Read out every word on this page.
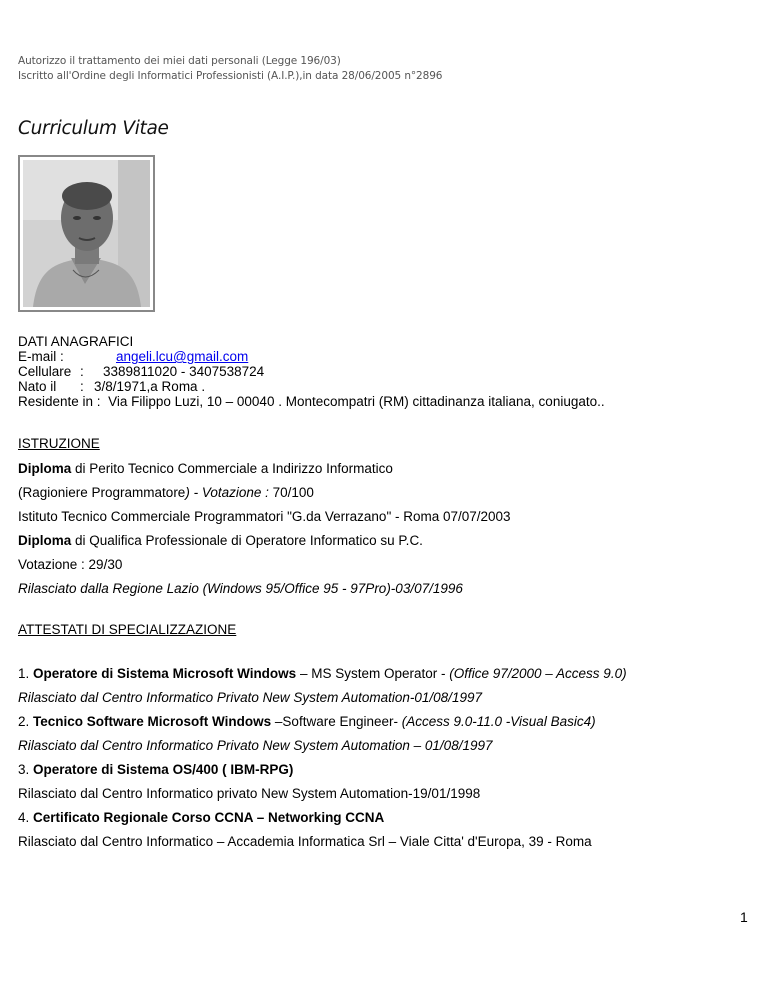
Autorizzo il trattamento dei miei dati personali (Legge 196/03)
Iscritto all'Ordine degli Informatici Professionisti (A.I.P.),in data 28/06/2005 n°2896
Curriculum Vitae
DATI ANAGRAFICI
E-mail :	angeli.lcu@gmail.com
Cellulare : 3389811020 - 3407538724
Nato il : 3/8/1971,a Roma .
Residente in : Via Filippo Luzi, 10 – 00040 . Montecompatri (RM) cittadinanza italiana, coniugato..
ISTRUZIONE
Diploma di Perito Tecnico Commerciale a Indirizzo Informatico
(Ragioniere Programmatore) - Votazione : 70/100
Istituto Tecnico Commerciale Programmatori "G.da Verrazano" - Roma 07/07/2003
Diploma di Qualifica Professionale di Operatore Informatico su P.C.
Votazione : 29/30
Rilasciato dalla Regione Lazio (Windows 95/Office 95 - 97Pro)-03/07/1996
ATTESTATI DI SPECIALIZZAZIONE
1. Operatore di Sistema Microsoft Windows – MS System Operator - (Office 97/2000 – Access 9.0)
Rilasciato dal Centro Informatico Privato New System Automation-01/08/1997
2. Tecnico Software Microsoft Windows –Software Engineer- (Access 9.0-11.0 -Visual Basic4)
Rilasciato dal Centro Informatico Privato New System Automation – 01/08/1997
3. Operatore di Sistema OS/400 ( IBM-RPG)
Rilasciato dal Centro Informatico privato New System Automation-19/01/1998
4. Certificato Regionale Corso CCNA – Networking CCNA
Rilasciato dal Centro Informatico – Accademia Informatica Srl – Viale Citta' d'Europa, 39 - Roma
1
